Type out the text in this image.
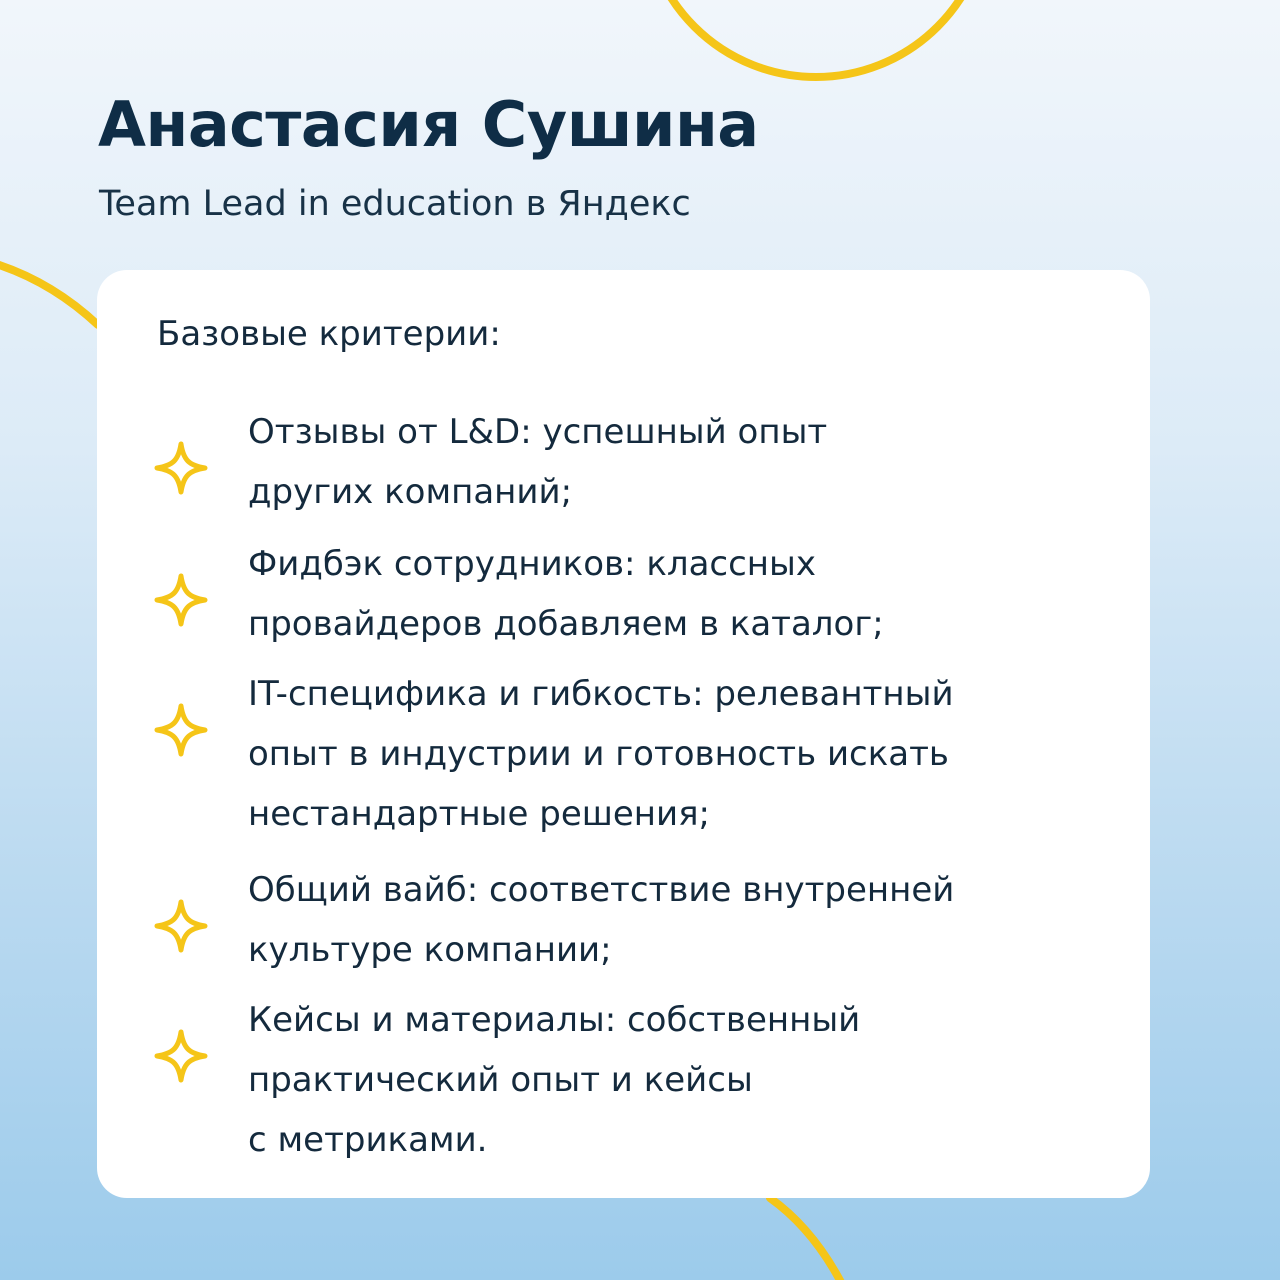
Анастасия Сушина
Team Lead in education в Яндекс
Базовые критерии:
Отзывы от L&D: успешный опыт
других компаний;
Фидбэк сотрудников: классных
провайдеров добавляем в каталог;
IT-специфика и гибкость: релевантный
опыт в индустрии и готовность искать
нестандартные решения;
Общий вайб: соответствие внутренней
культуре компании;
Кейсы и материалы: собственный
практический опыт и кейсы
с метриками.
